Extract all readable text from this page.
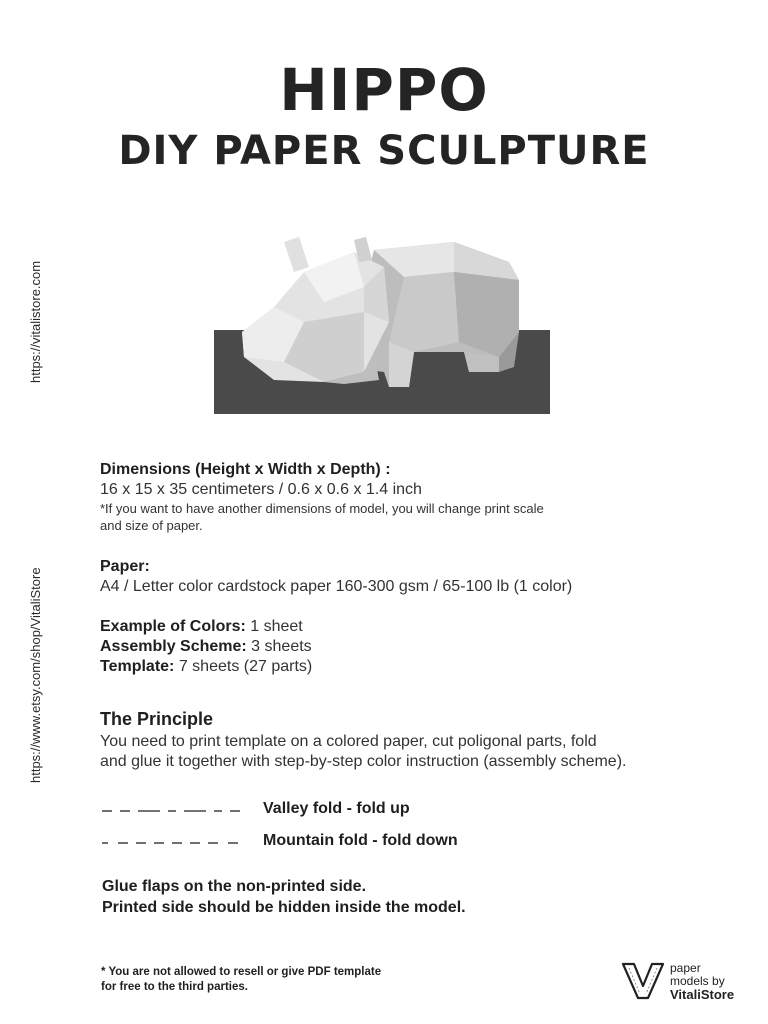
HIPPO
DIY PAPER SCULPTURE
https://vitalistore.com
https://www.etsy.com/shop/VitaliStore
Dimensions (Height x Width x Depth) :
16 x 15 x 35 centimeters / 0.6 x 0.6 x 1.4 inch
*If you want to have another dimensions of model, you will change print scale
and size of paper.
Paper:
A4 / Letter color cardstock paper 160-300 gsm / 65-100 lb (1 color)
Example of Colors: 1 sheet
Assembly Scheme: 3 sheets
Template: 7 sheets (27 parts)
The Principle
You need to print template on a colored paper, cut poligonal parts, fold
and glue it together with step-by-step color instruction (assembly scheme).
Valley fold - fold up
Mountain fold - fold down
Glue flaps on the non-printed side.
Printed side should be hidden inside the model.
* You are not allowed to resell or give PDF template
for free to the third parties.
paper
models by
VitaliStore
